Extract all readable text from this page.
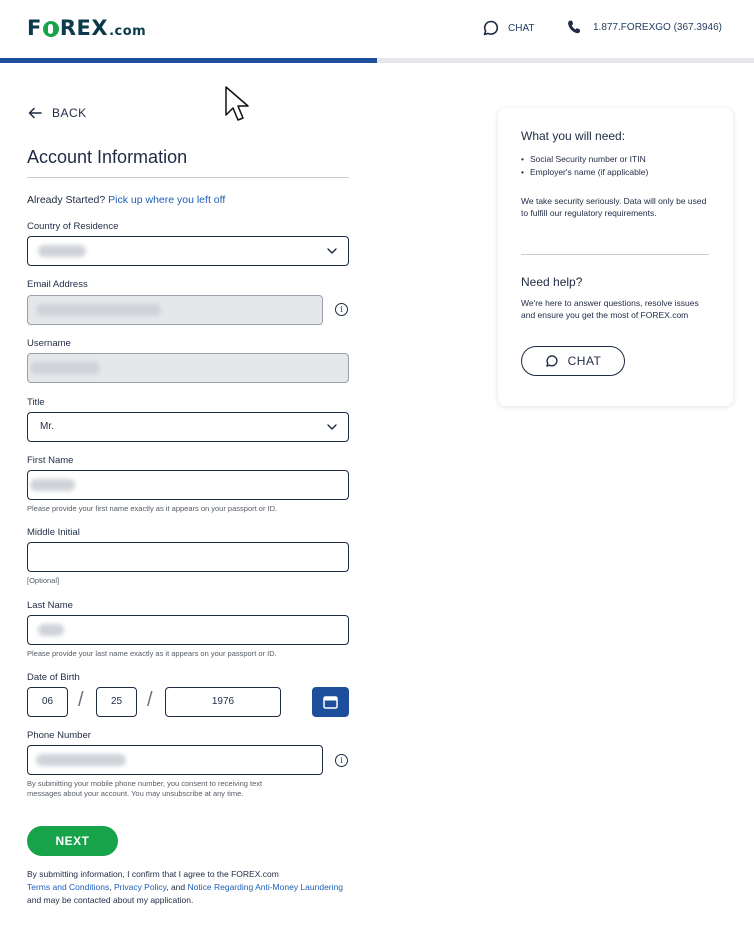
F REX .com	CHAT	1.877.FOREXGO (367.3946)
BACK
Account Information
Already Started? Pick up where you left off
Country of Residence
Email Address
i
Username
Title
Mr.
First Name
Please provide your first name exactly as it appears on your passport or ID.
Middle Initial
[Optional]
Last Name
Please provide your last name exactly as it appears on your passport or ID.
Date of Birth
06	/	25	/	1976
Phone Number
i
By submitting your mobile phone number, you consent to receiving text
messages about your account. You may unsubscribe at any time.
NEXT
By submitting information, I confirm that I agree to the FOREX.com
Terms and Conditions, Privacy Policy, and Notice Regarding Anti-Money Laundering and may be contacted about my application.
What you will need:
• Social Security number or ITIN
• Employer's name (if applicable)

We take security seriously. Data will only be used to fulfill our regulatory requirements.

Need help?

We're here to answer questions, resolve issues and ensure you get the most of FOREX.com

CHAT
